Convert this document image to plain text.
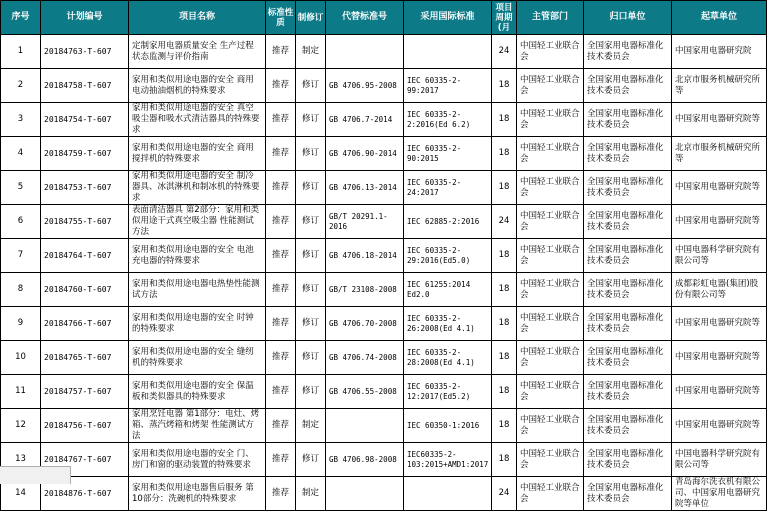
序号	计划编号	项目名称	标准性质	制修订	代替标准号	采用国际标准	项目周期(月	主管部门	归口单位	起草单位
1	20184763-T-607	定制家用电器质量安全 生产过程状态监测与评价指南	推荐	制定			24	中国轻工业联合会	全国家用电器标准化技术委员会	中国家用电器研究院
2	20184758-T-607	家用和类似用途电器的安全 商用电动抽油烟机的特殊要求	推荐	修订	GB 4706.95-2008	IEC 60335-2-99:2017	18	中国轻工业联合会	全国家用电器标准化技术委员会	北京市服务机械研究所等
3	20184754-T-607	家用和类似用途电器的安全 真空吸尘器和吸水式清洁器具的特殊要求	推荐	修订	GB 4706.7-2014	IEC 60335-2-2:2016(Ed 6.2)	18	中国轻工业联合会	全国家用电器标准化技术委员会	中国家用电器研究院等
4	20184759-T-607	家用和类似用途电器的安全 商用搅拌机的特殊要求	推荐	修订	GB 4706.90-2014	IEC 60335-2-90:2015	18	中国轻工业联合会	全国家用电器标准化技术委员会	北京市服务机械研究所等
5	20184753-T-607	家用和类似用途电器的安全 制冷器具、冰淇淋机和制冰机的特殊要求	推荐	修订	GB 4706.13-2014	IEC 60335-2-24:2017	18	中国轻工业联合会	全国家用电器标准化技术委员会	中国家用电器研究院等
6	20184755-T-607	表面清洁器具 第2部分：家用和类似用途干式真空吸尘器 性能测试方法	推荐	修订	GB/T 20291.1-2016	IEC 62885-2:2016	24	中国轻工业联合会	全国家用电器标准化技术委员会	中国家用电器研究院等
7	20184764-T-607	家用和类似用途电器的安全 电池充电器的特殊要求	推荐	修订	GB 4706.18-2014	IEC 60335-2-29:2016(Ed5.0)	18	中国轻工业联合会	全国家用电器标准化技术委员会	中国电器科学研究院有限公司等
8	20184760-T-607	家用和类似用途电器电热垫性能测试方法	推荐	修订	GB/T 23108-2008	IEC 61255:2014 Ed2.0	18	中国轻工业联合会	全国家用电器标准化技术委员会	成都彩虹电器(集团)股份有限公司等
9	20184766-T-607	家用和类似用途电器的安全 时钟的特殊要求	推荐	修订	GB 4706.70-2008	IEC 60335-2-26:2008(Ed 4.1)	18	中国轻工业联合会	全国家用电器标准化技术委员会	中国家用电器研究院等
10	20184765-T-607	家用和类似用途电器的安全 缝纫机的特殊要求	推荐	修订	GB 4706.74-2008	IEC 60335-2-28:2008(Ed 4.1)	18	中国轻工业联合会	全国家用电器标准化技术委员会	中国家用电器研究院等
11	20184757-T-607	家用和类似用途电器的安全 保温板和类似器具的特殊要求	推荐	修订	GB 4706.55-2008	IEC 60335-2-12:2017(Ed5.2)	18	中国轻工业联合会	全国家用电器标准化技术委员会	中国家用电器研究院等
12	20184756-T-607	家用烹饪电器 第1部分：电灶、烤箱、蒸汽烤箱和烤架 性能测试方法	推荐	制定		IEC 60350-1:2016	18	中国轻工业联合会	全国家用电器标准化技术委员会	中国家用电器研究院等
13	20184767-T-607	家用和类似用途电器的安全 门、房门和窗的驱动装置的特殊要求	推荐	修订	GB 4706.98-2008	IEC60335-2-103:2015+AMD1:2017	18	中国轻工业联合会	全国家用电器标准化技术委员会	中国电器科学研究院有限公司等
14	20184876-T-607	家用和类似用途电器售后服务 第10部分：洗碗机的特殊要求	推荐	制定			24	中国轻工业联合会	全国家用电器标准化技术委员会	青岛海尔洗衣机有限公司、中国家用电器研究院等单位
